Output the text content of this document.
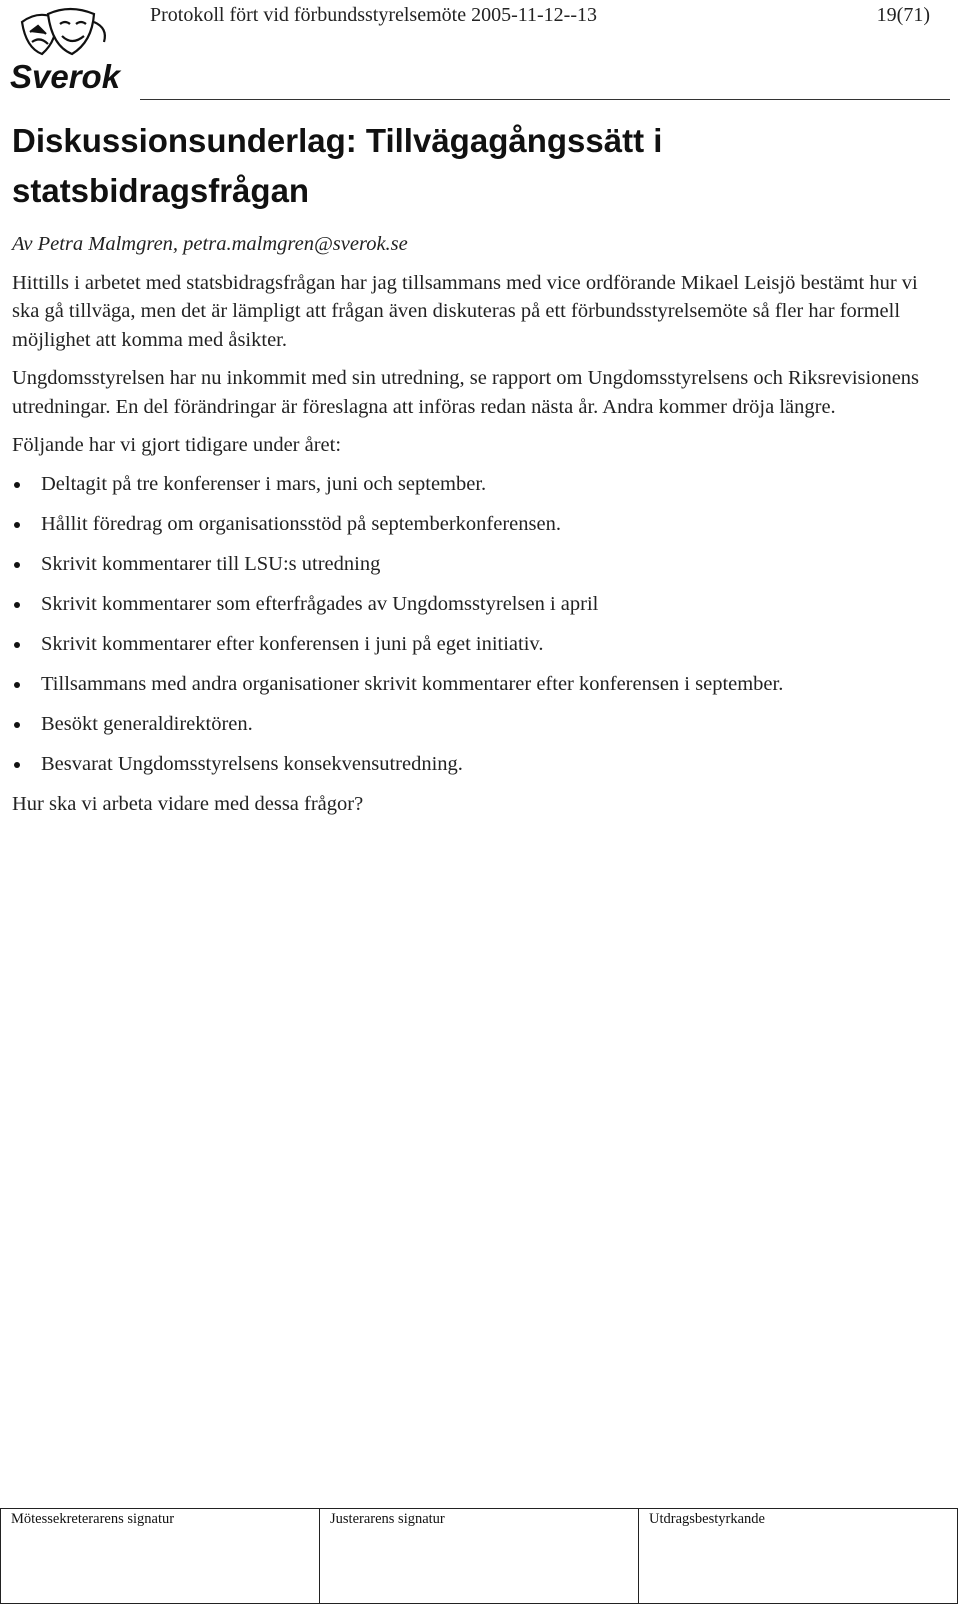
Sverok
Protokoll fört vid förbundsstyrelsemöte 2005-11-12--13	19(71)
Diskussionsunderlag: Tillvägagångssätt i statsbidragsfrågan

Av Petra Malmgren, petra.malmgren@sverok.se

Hittills i arbetet med statsbidragsfrågan har jag tillsammans med vice ordförande Mikael Leisjö bestämt hur vi ska gå tillväga, men det är lämpligt att frågan även diskuteras på ett förbundsstyrelsemöte så fler har formell möjlighet att komma med åsikter.

Ungdomsstyrelsen har nu inkommit med sin utredning, se rapport om Ungdomsstyrelsens och Riksrevisionens utredningar. En del förändringar är föreslagna att införas redan nästa år. Andra kommer dröja längre.

Följande har vi gjort tidigare under året:

Deltagit på tre konferenser i mars, juni och september.
Hållit föredrag om organisationsstöd på septemberkonferensen.
Skrivit kommentarer till LSU:s utredning
Skrivit kommentarer som efterfrågades av Ungdomsstyrelsen i april
Skrivit kommentarer efter konferensen i juni på eget initiativ.
Tillsammans med andra organisationer skrivit kommentarer efter konferensen i september.
Besökt generaldirektören.
Besvarat Ungdomsstyrelsens konsekvensutredning.

Hur ska vi arbeta vidare med dessa frågor?

Mötessekreterarens signatur	Justerarens signatur	Utdragsbestyrkande
